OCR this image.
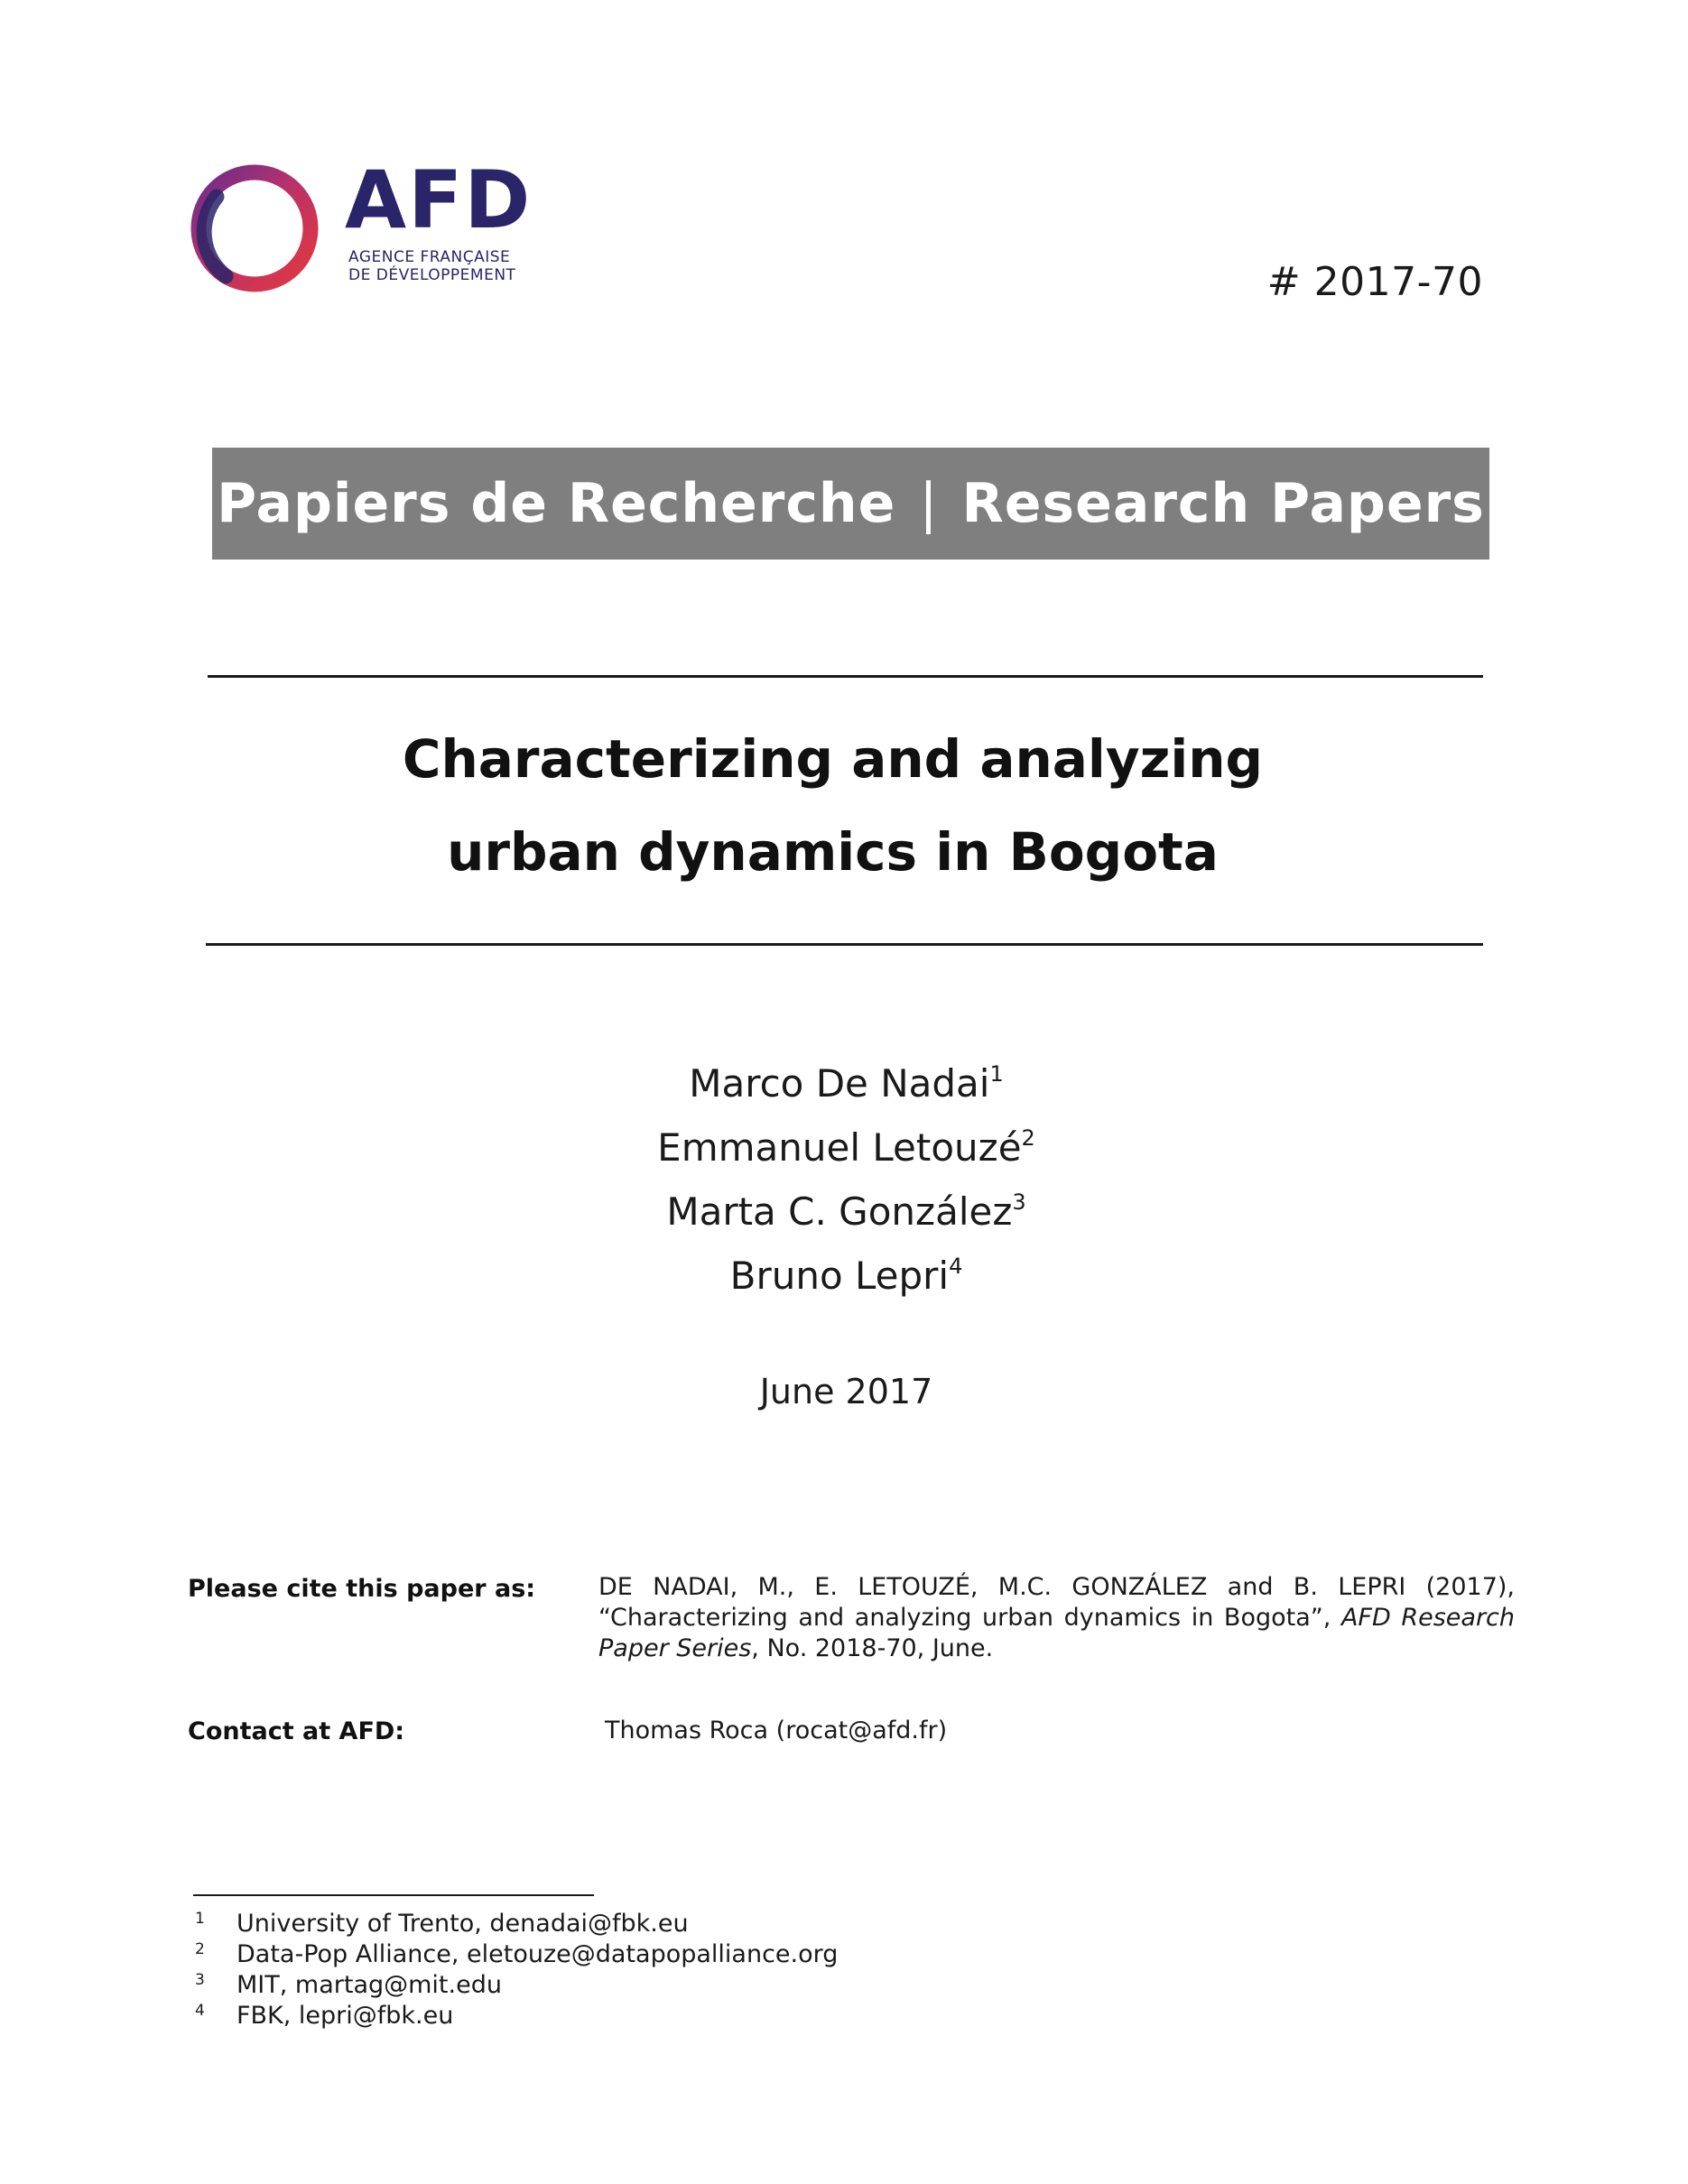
AFD
AGENCE FRANÇAISE
DE DÉVELOPPEMENT	# 2017-70
Papiers de Recherche | Research Papers
Characterizing and analyzing
urban dynamics in Bogota
Marco De Nadai$^1$
Emmanuel Letouzé$^2$
Marta C. González$^3$
Bruno Lepri$^4$
June 2017
Please cite this paper as:	DE NADAI, M., E. LETOUZÉ, M.C. GONZÁLEZ and B. LEPRI (2017), “Characterizing and analyzing urban dynamics in Bogota”, AFD Research Paper Series, No. 2018-70, June.
Contact at AFD:	Thomas Roca (rocat@afd.fr)
1	University of Trento, denadai@fbk.eu
2	Data-Pop Alliance, eletouze@datapopalliance.org
3	MIT, martag@mit.edu
4	FBK, lepri@fbk.eu
